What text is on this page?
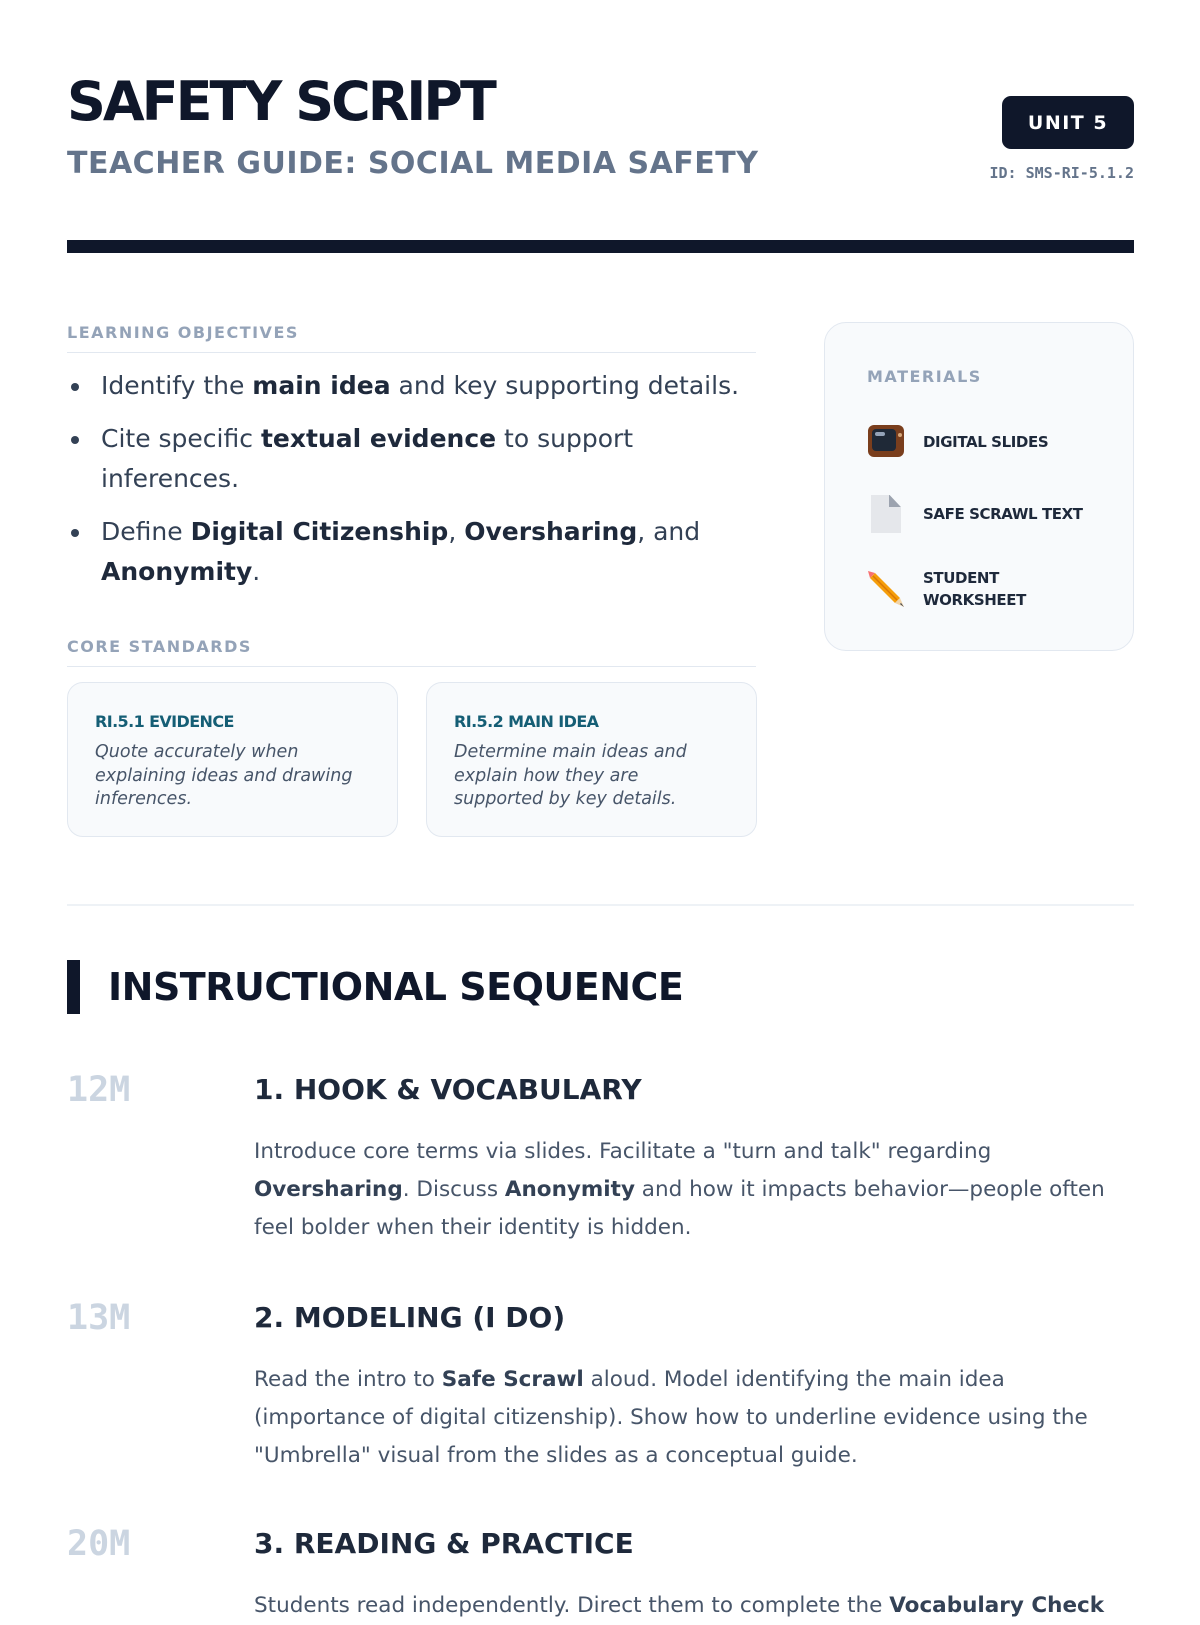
SAFETY SCRIPT
TEACHER GUIDE: SOCIAL MEDIA SAFETY
UNIT 5
ID: SMS-RI-5.1.2
LEARNING OBJECTIVES
Identify the main idea and key supporting details.
Cite specific textual evidence to support inferences.
Define Digital Citizenship, Oversharing, and Anonymity.
CORE STANDARDS
RI.5.1 EVIDENCE
Quote accurately when explaining ideas and drawing inferences.
RI.5.2 MAIN IDEA
Determine main ideas and explain how they are supported by key details.
MATERIALS
DIGITAL SLIDES
SAFE SCRAWL TEXT
STUDENT WORKSHEET
INSTRUCTIONAL SEQUENCE
12M	1. HOOK & VOCABULARY
Introduce core terms via slides. Facilitate a "turn and talk" regarding Oversharing. Discuss Anonymity and how it impacts behavior—people often feel bolder when their identity is hidden.
13M	2. MODELING (I DO)
Read the intro to Safe Scrawl aloud. Model identifying the main idea (importance of digital citizenship). Show how to underline evidence using the "Umbrella" visual from the slides as a conceptual guide.
20M	3. READING & PRACTICE
Students read independently. Direct them to complete the Vocabulary Check
